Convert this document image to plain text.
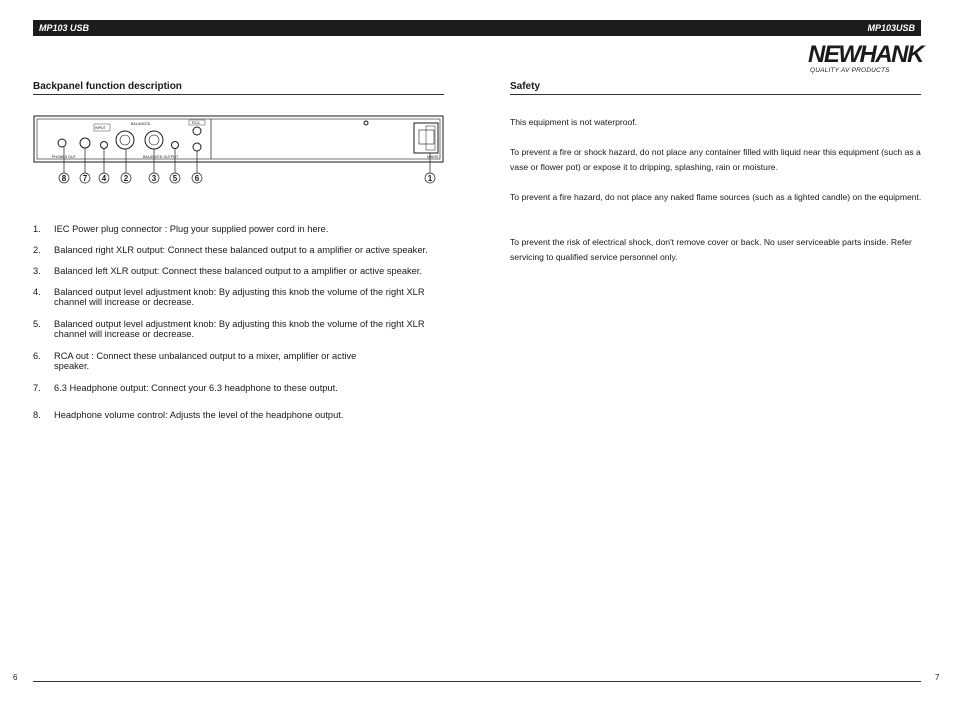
MP103 USB	MP103USB
NEWHANK
QUALITY AV PRODUCTS
Backpanel function description	Safety
PHONES OUT
BALANCED
BALANCED OUTPUT
RCA
INPUT
MAINS
8 7 4 2	3 5 6	1
1. IEC Power plug connector : Plug your supplied power cord in here.
2. Balanced right XLR output: Connect these balanced output to a amplifier or active speaker.
3. Balanced left XLR output: Connect these balanced output to a amplifier or active speaker.
4. Balanced output level adjustment knob: By adjusting this knob the volume of the right XLR
channel will increase or decrease.
5. Balanced output level adjustment knob: By adjusting this knob the volume of the right XLR
channel will increase or decrease.
6. RCA out : Connect these unbalanced output to a mixer, amplifier or active
speaker.
7. 6.3 Headphone output: Connect your 6.3 headphone to these output.
8. Headphone volume control: Adjusts the level of the headphone output.

This equipment is not waterproof.

To prevent a fire or shock hazard, do not place any container filled with liquid near this equipment (such as a vase or flower pot) or expose it to dripping, splashing, rain or moisture.

To prevent a fire hazard, do not place any naked flame sources (such as a lighted candle) on the equipment.

To prevent the risk of electrical shock, don't remove cover or back. No user serviceable parts inside. Refer servicing to qualified service personnel only.

6	7
